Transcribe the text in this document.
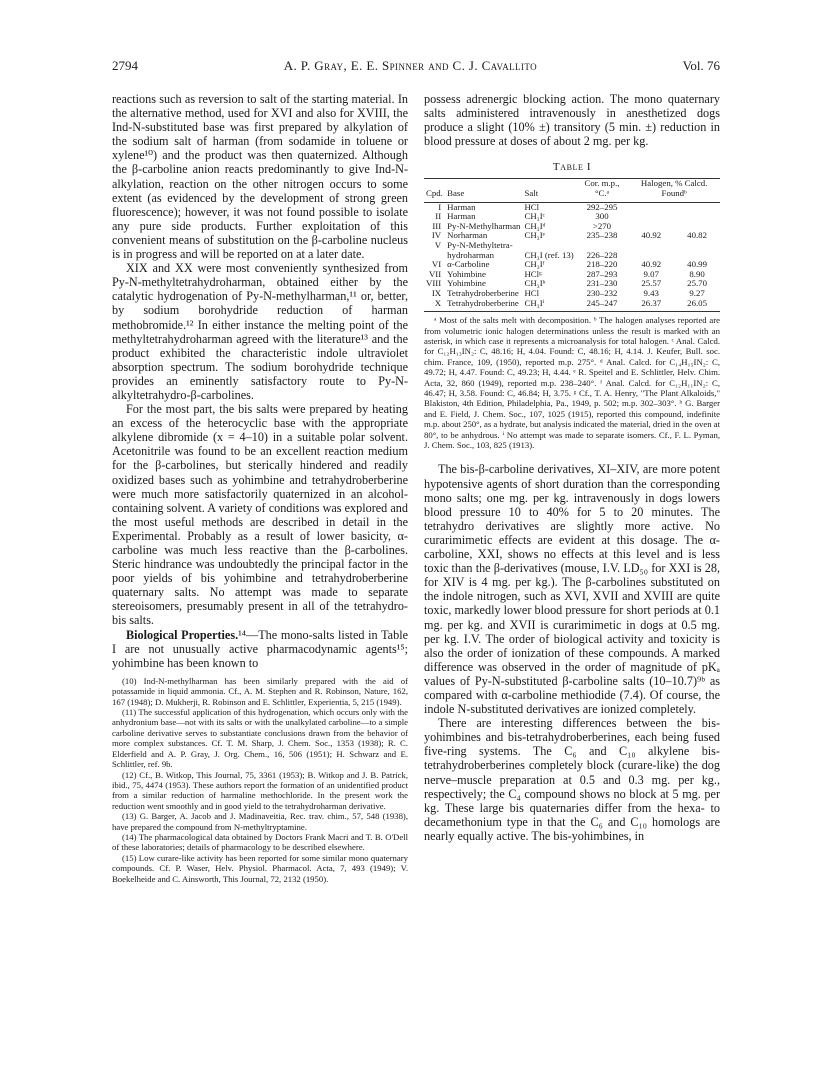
2794	A. P. Gray, E. E. Spinner and C. J. Cavallito	Vol. 76

reactions such as reversion to salt of the starting material. In the alternative method, used for XVI and also for XVIII, the Ind-N-substituted base was first prepared by alkylation of the sodium salt of harman (from sodamide in toluene or xylene¹⁰) and the product was then quaternized. Although the β-carboline anion reacts predominantly to give Ind-N-alkylation, reaction on the other nitrogen occurs to some extent (as evidenced by the development of strong green fluorescence); however, it was not found possible to isolate any pure side products. Further exploitation of this convenient means of substitution on the β-carboline nucleus is in progress and will be reported on at a later date.

XIX and XX were most conveniently synthesized from Py-N-methyltetrahydroharman, obtained either by the catalytic hydrogenation of Py-N-methylharman,¹¹ or, better, by sodium borohydride reduction of harman methobromide.¹² In either instance the melting point of the methyltetrahydroharman agreed with the literature¹³ and the product exhibited the characteristic indole ultraviolet absorption spectrum. The sodium borohydride technique provides an eminently satisfactory route to Py-N-alkyltetrahydro-β-carbolines.

For the most part, the bis salts were prepared by heating an excess of the heterocyclic base with the appropriate alkylene dibromide (x = 4–10) in a suitable polar solvent. Acetonitrile was found to be an excellent reaction medium for the β-carbolines, but sterically hindered and readily oxidized bases such as yohimbine and tetrahydroberberine were much more satisfactorily quaternized in an alcohol-containing solvent. A variety of conditions was explored and the most useful methods are described in detail in the Experimental. Probably as a result of lower basicity, α-carboline was much less reactive than the β-carbolines. Steric hindrance was undoubtedly the principal factor in the poor yields of bis yohimbine and tetrahydroberberine quaternary salts. No attempt was made to separate stereoisomers, presumably present in all of the tetrahydro-bis salts.

Biological Properties.¹⁴—The mono-salts listed in Table I are not unusually active pharmacodynamic agents¹⁵; yohimbine has been known to

(10) Ind-N-methylharman has been similarly prepared with the aid of potassamide in liquid ammonia. Cf., A. M. Stephen and R. Robinson, Nature, 162, 167 (1948); D. Mukherji, R. Robinson and E. Schlittler, Experientia, 5, 215 (1949).

(11) The successful application of this hydrogenation, which occurs only with the anhydronium base—not with its salts or with the unalkylated carboline—to a simple carboline derivative serves to substantiate conclusions drawn from the behavior of more complex substances. Cf. T. M. Sharp, J. Chem. Soc., 1353 (1938); R. C. Elderfield and A. P. Gray, J. Org. Chem., 16, 506 (1951); H. Schwarz and E. Schlittler, ref. 9b.

(12) Cf., B. Witkop, This Journal, 75, 3361 (1953); B. Witkop and J. B. Patrick, ibid., 75, 4474 (1953). These authors report the formation of an unidentified product from a similar reduction of harmaline methochloride. In the present work the reduction went smoothly and in good yield to the tetrahydroharman derivative.

(13) G. Barger, A. Jacob and J. Madinaveitia, Rec. trav. chim., 57, 548 (1938), have prepared the compound from N-methyltryptamine.

(14) The pharmacological data obtained by Doctors Frank Macri and T. B. O'Dell of these laboratories; details of pharmacology to be described elsewhere.

(15) Low curare-like activity has been reported for some similar mono quaternary compounds. Cf. P. Waser, Helv. Physiol. Pharmacol. Acta, 7, 493 (1949); V. Boekelheide and C. Ainsworth, This Journal, 72, 2132 (1950).

possess adrenergic blocking action. The mono quaternary salts administered intravenously in anesthetized dogs produce a slight (10% ±) transitory (5 min. ±) reduction in blood pressure at doses of about 2 mg. per kg.

Table I
Cpd.	Base	Salt	Cor. m.p., °C.ᵃ	Halogen, % Calcd. Foundᵇ	
I	Harman	HCl	292–295		
II	Harman	CH₃Iᶜ	300		
III	Py-N-Methylharman	CH₃Iᵈ	>270		
IV	Norharman	CH₃Iᵉ	235–238	40.92	40.82
V	Py-N-Methyltetra-				
	hydroharman	CH₃I (ref. 13)	226–228		
VI	α-Carboline	CH₃Iᶠ	218–220	40.92	40.99
VII	Yohimbine	HClᵍ	287–293	9.07	8.90
VIII	Yohimbine	CH₃Iʰ	231–230	25.57	25.70
IX	Tetrahydroberberine	HCl	230–232	9.43	9.27
X	Tetrahydroberberine	CH₃Iⁱ	245–247	26.37	26.05

ᵃ Most of the salts melt with decomposition. ᵇ The halogen analyses reported are from volumetric ionic halogen determinations unless the result is marked with an asterisk, in which case it represents a microanalysis for total halogen. ᶜ Anal. Calcd. for C₁₂H₁₃IN₂: C, 48.16; H, 4.04. Found: C, 48.16; H, 4.14. J. Keufer, Bull. soc. chim. France, 109, (1950), reported m.p. 275°. ᵈ Anal. Calcd. for C₁₄H₁₅IN₂: C, 49.72; H, 4.47. Found: C, 49.23; H, 4.44. ᵉ R. Speitel and E. Schlittler, Helv. Chim. Acta, 32, 860 (1949), reported m.p. 238–240°. ᶠ Anal. Calcd. for C₁₂H₁₁IN₂: C, 46.47; H, 3.58. Found: C, 46.84; H, 3.75. ᵍ Cf., T. A. Henry, "The Plant Alkaloids," Blakiston, 4th Edition, Philadelphia, Pa., 1949, p. 502; m.p. 302–303°. ʰ G. Barger and E. Field, J. Chem. Soc., 107, 1025 (1915), reported this compound, indefinite m.p. about 250°, as a hydrate, but analysis indicated the material, dried in the oven at 80°, to be anhydrous. ⁱ No attempt was made to separate isomers. Cf., F. L. Pyman, J. Chem. Soc., 103, 825 (1913).

The bis-β-carboline derivatives, XI–XIV, are more potent hypotensive agents of short duration than the corresponding mono salts; one mg. per kg. intravenously in dogs lowers blood pressure 10 to 40% for 5 to 20 minutes. The tetrahydro derivatives are slightly more active. No curarimimetic effects are evident at this dosage. The α-carboline, XXI, shows no effects at this level and is less toxic than the β-derivatives (mouse, I.V. LD₅₀ for XXI is 28, for XIV is 4 mg. per kg.). The β-carbolines substituted on the indole nitrogen, such as XVI, XVII and XVIII are quite toxic, markedly lower blood pressure for short periods at 0.1 mg. per kg. and XVII is curarimimetic in dogs at 0.5 mg. per kg. I.V. The order of biological activity and toxicity is also the order of ionization of these compounds. A marked difference was observed in the order of magnitude of pKₐ values of Py-N-substituted β-carboline salts (10–10.7)⁹ᵇ as compared with α-carboline methiodide (7.4). Of course, the indole N-substituted derivatives are ionized completely.

There are interesting differences between the bis-yohimbines and bis-tetrahydroberberines, each being fused five-ring systems. The C₆ and C₁₀ alkylene bis-tetrahydroberberines completely block (curare-like) the dog nerve–muscle preparation at 0.5 and 0.3 mg. per kg., respectively; the C₄ compound shows no block at 5 mg. per kg. These large bis quaternaries differ from the hexa- to decamethonium type in that the C₆ and C₁₀ homologs are nearly equally active. The bis-yohimbines, in
